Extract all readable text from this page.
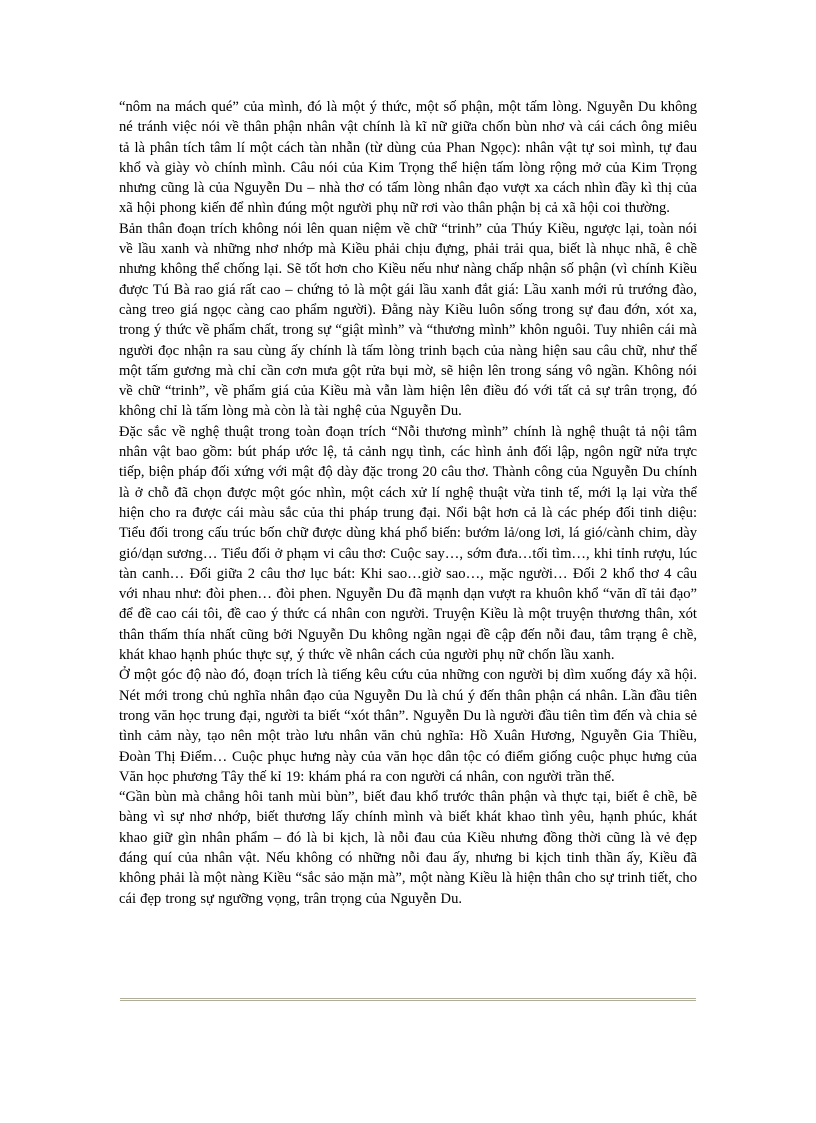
“nôm na mách qué” của mình, đó là một ý thức, một số phận, một tấm lòng. Nguyễn Du không né tránh việc nói về thân phận nhân vật chính là kĩ nữ giữa chốn bùn nhơ và cái cách ông miêu tả là phân tích tâm lí một cách tàn nhẫn (từ dùng của Phan Ngọc): nhân vật tự soi mình, tự đau khổ và giày vò chính mình. Câu nói của Kim Trọng thể hiện tấm lòng rộng mở của Kim Trọng nhưng cũng là của Nguyễn Du – nhà thơ có tấm lòng nhân đạo vượt xa cách nhìn đầy kì thị của xã hội phong kiến để nhìn đúng một người phụ nữ rơi vào thân phận bị cả xã hội coi thường.

Bản thân đoạn trích không nói lên quan niệm về chữ “trinh” của Thúy Kiều, ngược lại, toàn nói về lầu xanh và những nhơ nhớp mà Kiều phải chịu đựng, phải trải qua, biết là nhục nhã, ê chề nhưng không thể chống lại. Sẽ tốt hơn cho Kiều nếu như nàng chấp nhận số phận (vì chính Kiều được Tú Bà rao giá rất cao – chứng tỏ là một gái lầu xanh đắt giá: Lầu xanh mới rủ trướng đào, càng treo giá ngọc càng cao phẩm người). Đằng này Kiều luôn sống trong sự đau đớn, xót xa, trong ý thức về phẩm chất, trong sự “giật mình” và “thương mình” khôn nguôi. Tuy nhiên cái mà người đọc nhận ra sau cùng ấy chính là tấm lòng trinh bạch của nàng hiện sau câu chữ, như thể một tấm gương mà chỉ cần cơn mưa gột rửa bụi mờ, sẽ hiện lên trong sáng vô ngần. Không nói về chữ “trinh”, về phẩm giá của Kiều mà vẫn làm hiện lên điều đó với tất cả sự trân trọng, đó không chỉ là tấm lòng mà còn là tài nghệ của Nguyễn Du.

Đặc sắc về nghệ thuật trong toàn đoạn trích “Nỗi thương mình” chính là nghệ thuật tả nội tâm nhân vật bao gồm: bút pháp ước lệ, tả cảnh ngụ tình, các hình ảnh đối lập, ngôn ngữ nửa trực tiếp, biện pháp đối xứng với mật độ dày đặc trong 20 câu thơ. Thành công của Nguyễn Du chính là ở chỗ đã chọn được một góc nhìn, một cách xử lí nghệ thuật vừa tinh tế, mới lạ lại vừa thể hiện cho ra được cái màu sắc của thi pháp trung đại. Nổi bật hơn cả là các phép đối tinh diệu: Tiểu đối trong cấu trúc bốn chữ được dùng khá phổ biến: bướm lả/ong lơi, lá gió/cành chim, dày gió/dạn sương… Tiểu đối ở phạm vi câu thơ: Cuộc say…, sớm đưa…tối tìm…, khi tỉnh rượu, lúc tàn canh… Đối giữa 2 câu thơ lục bát: Khi sao…giờ sao…, mặc người… Đối 2 khổ thơ 4 câu với nhau như: đòi phen… đòi phen. Nguyễn Du đã mạnh dạn vượt ra khuôn khổ “văn dĩ tải đạo” để đề cao cái tôi, đề cao ý thức cá nhân con người. Truyện Kiều là một truyện thương thân, xót thân thấm thía nhất cũng bởi Nguyễn Du không ngần ngại đề cập đến nỗi đau, tâm trạng ê chề, khát khao hạnh phúc thực sự, ý thức về nhân cách của người phụ nữ chốn lầu xanh.

Ở một góc độ nào đó, đoạn trích là tiếng kêu cứu của những con người bị dìm xuống đáy xã hội. Nét mới trong chủ nghĩa nhân đạo của Nguyễn Du là chú ý đến thân phận cá nhân. Lần đầu tiên trong văn học trung đại, người ta biết “xót thân”. Nguyễn Du là người đầu tiên tìm đến và chia sẻ tình cảm này, tạo nên một trào lưu nhân văn chủ nghĩa: Hồ Xuân Hương, Nguyễn Gia Thiều, Đoàn Thị Điểm… Cuộc phục hưng này của văn học dân tộc có điểm giống cuộc phục hưng của Văn học phương Tây thế kỉ 19: khám phá ra con người cá nhân, con người trần thế.

“Gần bùn mà chẳng hôi tanh mùi bùn”, biết đau khổ trước thân phận và thực tại, biết ê chề, bẽ bàng vì sự nhơ nhớp, biết thương lấy chính mình và biết khát khao tình yêu, hạnh phúc, khát khao giữ gìn nhân phẩm – đó là bi kịch, là nỗi đau của Kiều nhưng đồng thời cũng là vẻ đẹp đáng quí của nhân vật. Nếu không có những nỗi đau ấy, nhưng bi kịch tinh thần ấy, Kiều đã không phải là một nàng Kiều “sắc sảo mặn mà”, một nàng Kiều là hiện thân cho sự trinh tiết, cho cái đẹp trong sự ngưỡng vọng, trân trọng của Nguyễn Du.
